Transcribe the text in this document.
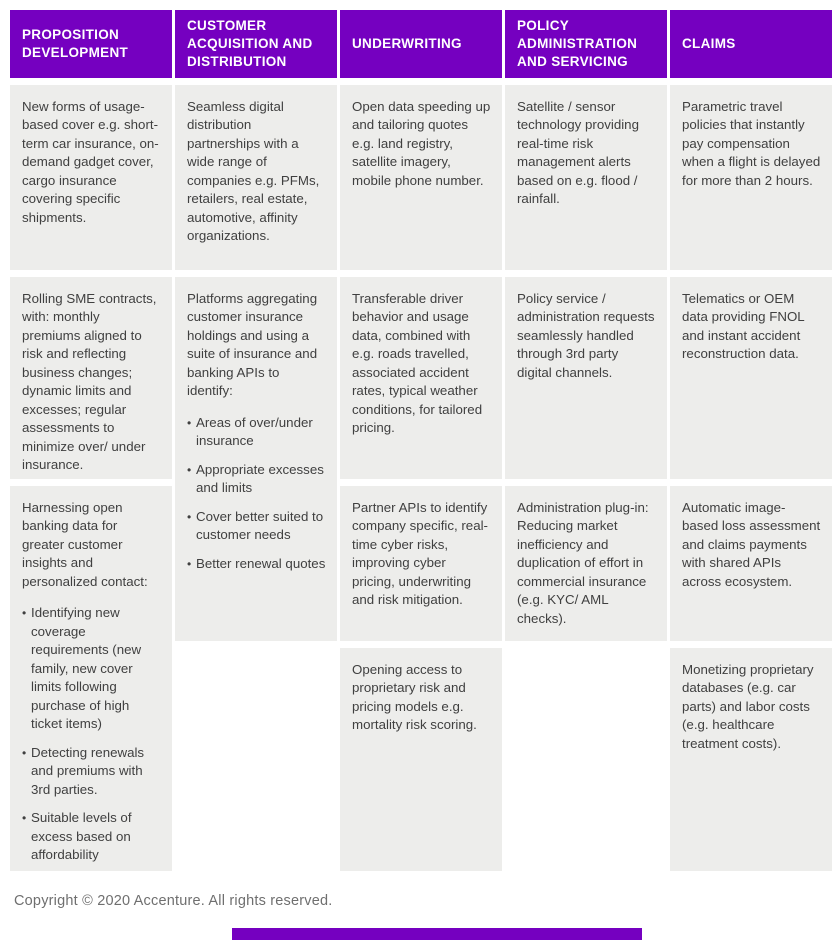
PROPOSITION DEVELOPMENT
CUSTOMER ACQUISITION AND DISTRIBUTION
UNDERWRITING
POLICY ADMINISTRATION AND SERVICING
CLAIMS

New forms of usage-based cover e.g. short-term car insurance, on-demand gadget cover, cargo insurance covering specific shipments.

Rolling SME contracts, with: monthly premiums aligned to risk and reflecting business changes; dynamic limits and excesses; regular assessments to minimize over/ under insurance.

Harnessing open banking data for greater customer insights and personalized contact:

•
Identifying new coverage requirements (new family, new cover limits following purchase of high ticket items)
•
Detecting renewals and premiums with 3rd parties.
•
Suitable levels of excess based on affordability

Seamless digital distribution partnerships with a wide range of companies e.g. PFMs, retailers, real estate, automotive, affinity organizations.

Platforms aggregating customer insurance holdings and using a suite of insurance and banking APIs to identify:

•
Areas of over/under insurance
•
Appropriate excesses and limits
•
Cover better suited to customer needs
•
Better renewal quotes

Open data speeding up and tailoring quotes e.g. land registry, satellite imagery, mobile phone number.

Transferable driver behavior and usage data, combined with e.g. roads travelled, associated accident rates, typical weather conditions, for tailored pricing.

Partner APIs to identify company specific, real-time cyber risks, improving cyber pricing, underwriting and risk mitigation.

Opening access to proprietary risk and pricing models e.g. mortality risk scoring.

Satellite / sensor technology providing real-time risk management alerts based on e.g. flood / rainfall.

Policy service / administration requests seamlessly handled through 3rd party digital channels.

Administration plug-in: Reducing market inefficiency and duplication of effort in commercial insurance (e.g. KYC/ AML checks).

Parametric travel policies that instantly pay compensation when a flight is delayed for more than 2 hours.

Telematics or OEM data providing FNOL and instant accident reconstruction data.

Automatic image-based loss assessment and claims payments with shared APIs across ecosystem.

Monetizing proprietary databases (e.g. car parts) and labor costs (e.g. healthcare treatment costs).

Copyright © 2020 Accenture. All rights reserved.
